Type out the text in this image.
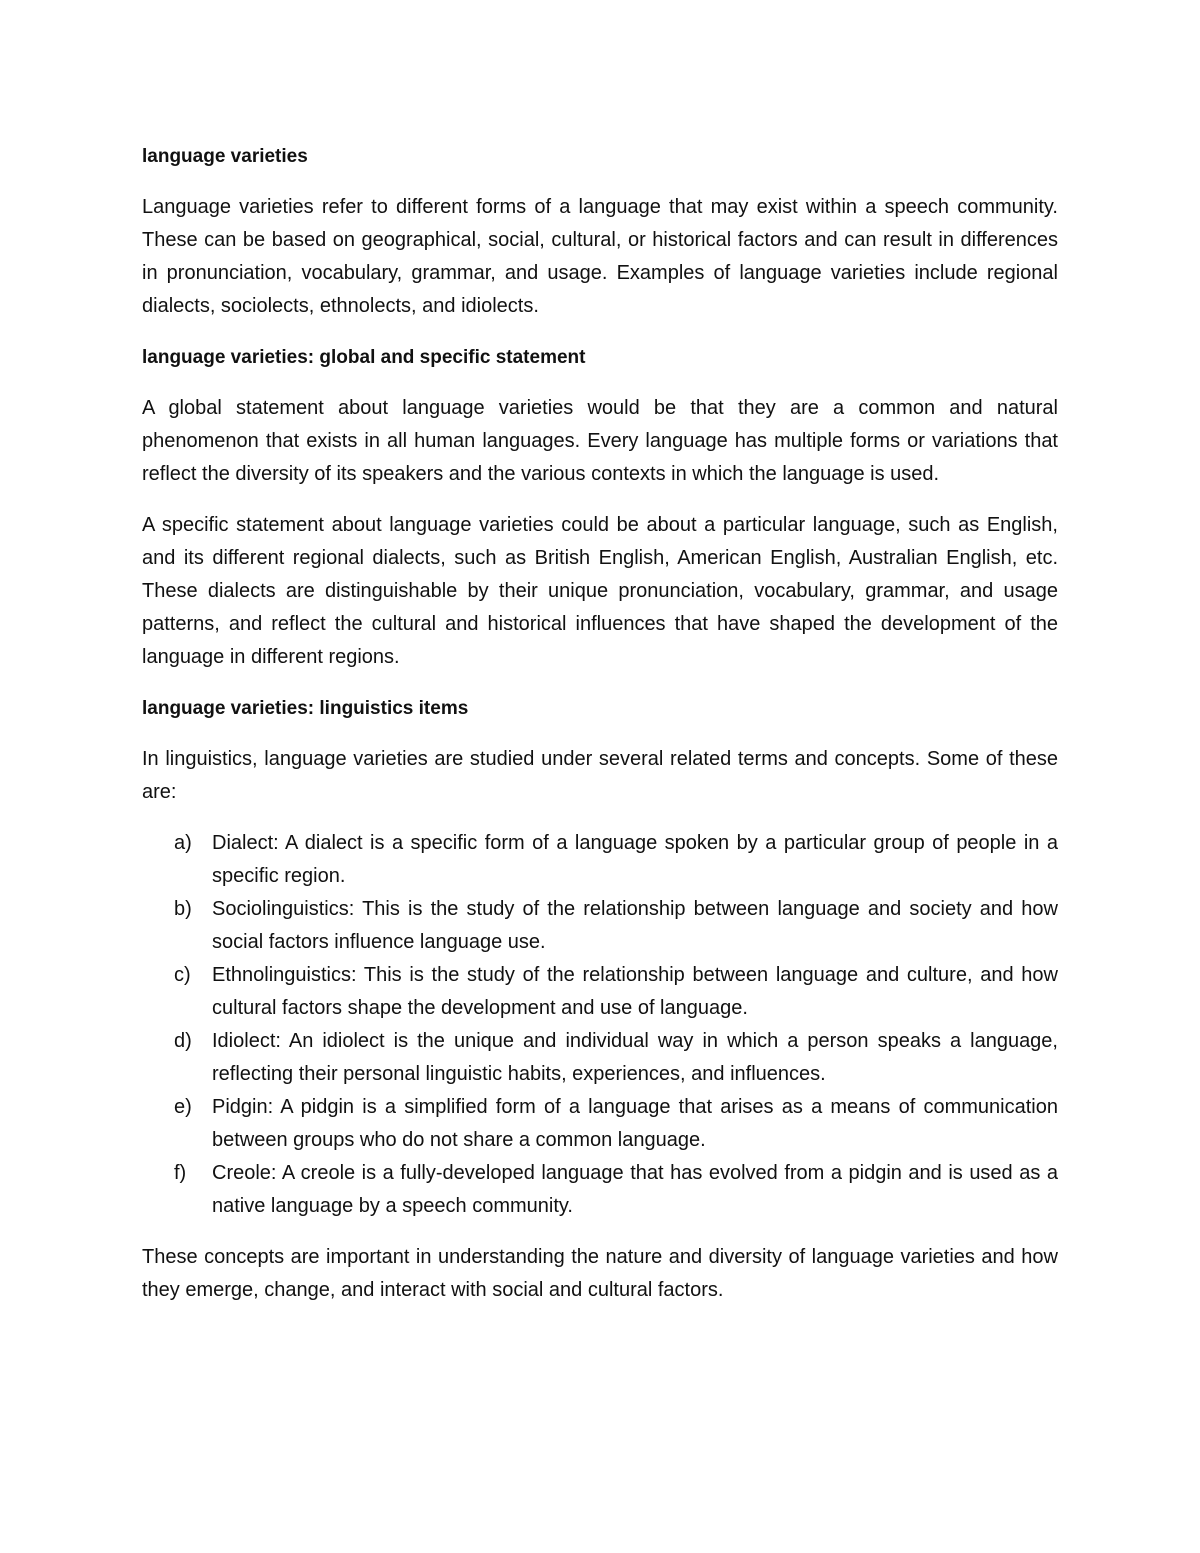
language varieties

Language varieties refer to different forms of a language that may exist within a speech community. These can be based on geographical, social, cultural, or historical factors and can result in differences in pronunciation, vocabulary, grammar, and usage. Examples of language varieties include regional dialects, sociolects, ethnolects, and idiolects.

language varieties: global and specific statement

A global statement about language varieties would be that they are a common and natural phenomenon that exists in all human languages. Every language has multiple forms or variations that reflect the diversity of its speakers and the various contexts in which the language is used.

A specific statement about language varieties could be about a particular language, such as English, and its different regional dialects, such as British English, American English, Australian English, etc. These dialects are distinguishable by their unique pronunciation, vocabulary, grammar, and usage patterns, and reflect the cultural and historical influences that have shaped the development of the language in different regions.

language varieties: linguistics items

In linguistics, language varieties are studied under several related terms and concepts. Some of these are:

a) Dialect: A dialect is a specific form of a language spoken by a particular group of people in a specific region.
b) Sociolinguistics: This is the study of the relationship between language and society and how social factors influence language use.
c) Ethnolinguistics: This is the study of the relationship between language and culture, and how cultural factors shape the development and use of language.
d) Idiolect: An idiolect is the unique and individual way in which a person speaks a language, reflecting their personal linguistic habits, experiences, and influences.
e) Pidgin: A pidgin is a simplified form of a language that arises as a means of communication between groups who do not share a common language.
f) Creole: A creole is a fully-developed language that has evolved from a pidgin and is used as a native language by a speech community.

These concepts are important in understanding the nature and diversity of language varieties and how they emerge, change, and interact with social and cultural factors.
